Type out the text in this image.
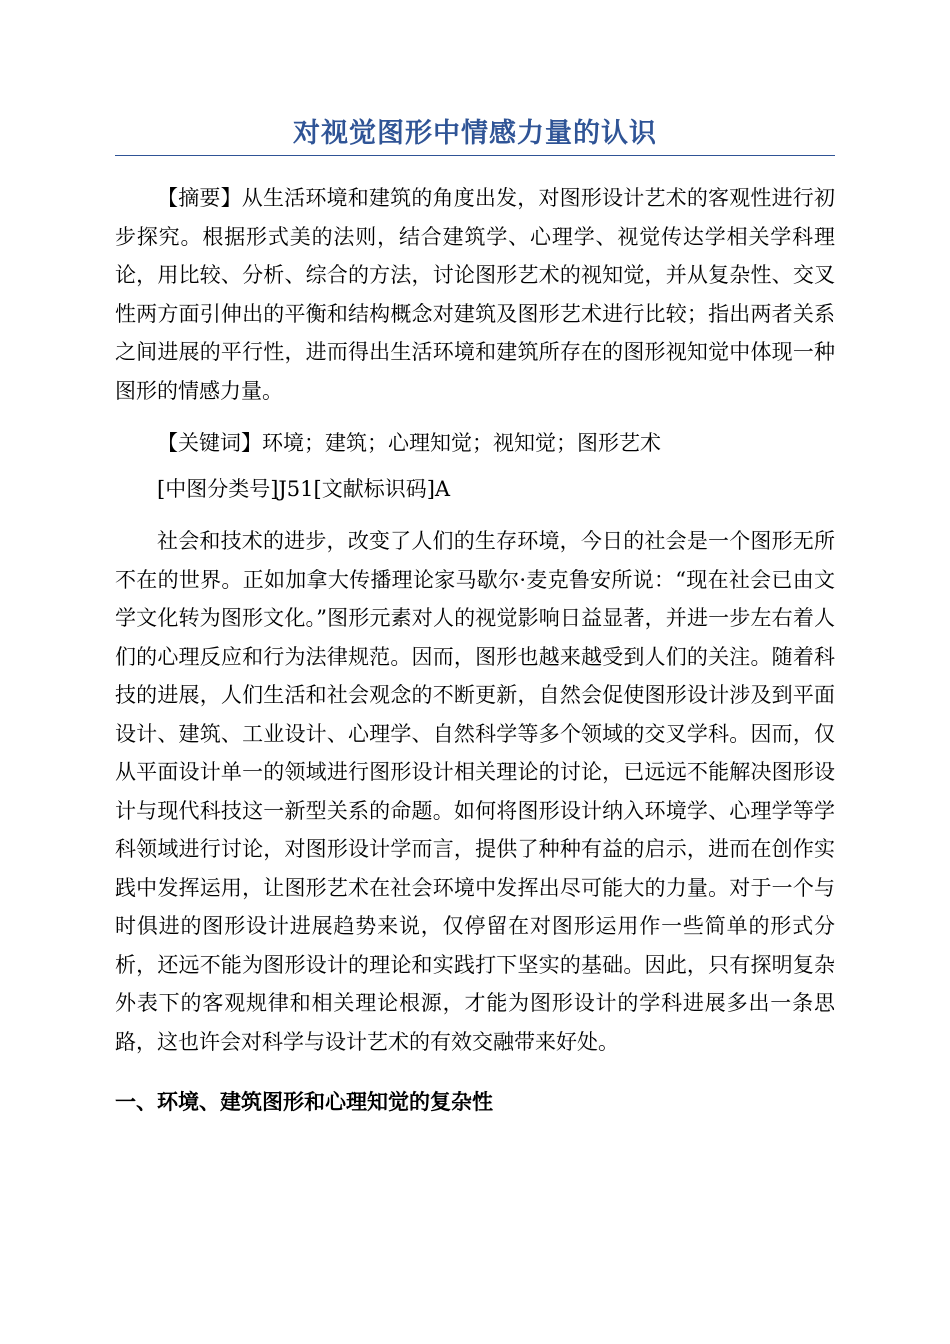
对视觉图形中情感力量的认识

【摘要】从生活环境和建筑的角度出发，对图形设计艺术的客观性进行初步探究。根据形式美的法则，结合建筑学、心理学、视觉传达学相关学科理论，用比较、分析、综合的方法，讨论图形艺术的视知觉，并从复杂性、交叉性两方面引伸出的平衡和结构概念对建筑及图形艺术进行比较；指出两者关系之间进展的平行性，进而得出生活环境和建筑所存在的图形视知觉中体现一种图形的情感力量。

【关键词】环境；建筑；心理知觉；视知觉；图形艺术

[中图分类号]J51[文献标识码]A

社会和技术的进步，改变了人们的生存环境，今日的社会是一个图形无所不在的世界。正如加拿大传播理论家马歇尔·麦克鲁安所说：“现在社会已由文学文化转为图形文化。”图形元素对人的视觉影响日益显著，并进一步左右着人们的心理反应和行为法律规范。因而，图形也越来越受到人们的关注。随着科技的进展，人们生活和社会观念的不断更新，自然会促使图形设计涉及到平面设计、建筑、工业设计、心理学、自然科学等多个领域的交叉学科。因而，仅从平面设计单一的领域进行图形设计相关理论的讨论，已远远不能解决图形设计与现代科技这一新型关系的命题。如何将图形设计纳入环境学、心理学等学科领域进行讨论，对图形设计学而言，提供了种种有益的启示，进而在创作实践中发挥运用，让图形艺术在社会环境中发挥出尽可能大的力量。对于一个与时俱进的图形设计进展趋势来说，仅停留在对图形运用作一些简单的形式分析，还远不能为图形设计的理论和实践打下坚实的基础。因此，只有探明复杂外表下的客观规律和相关理论根源，才能为图形设计的学科进展多出一条思路，这也许会对科学与设计艺术的有效交融带来好处。

一、环境、建筑图形和心理知觉的复杂性
